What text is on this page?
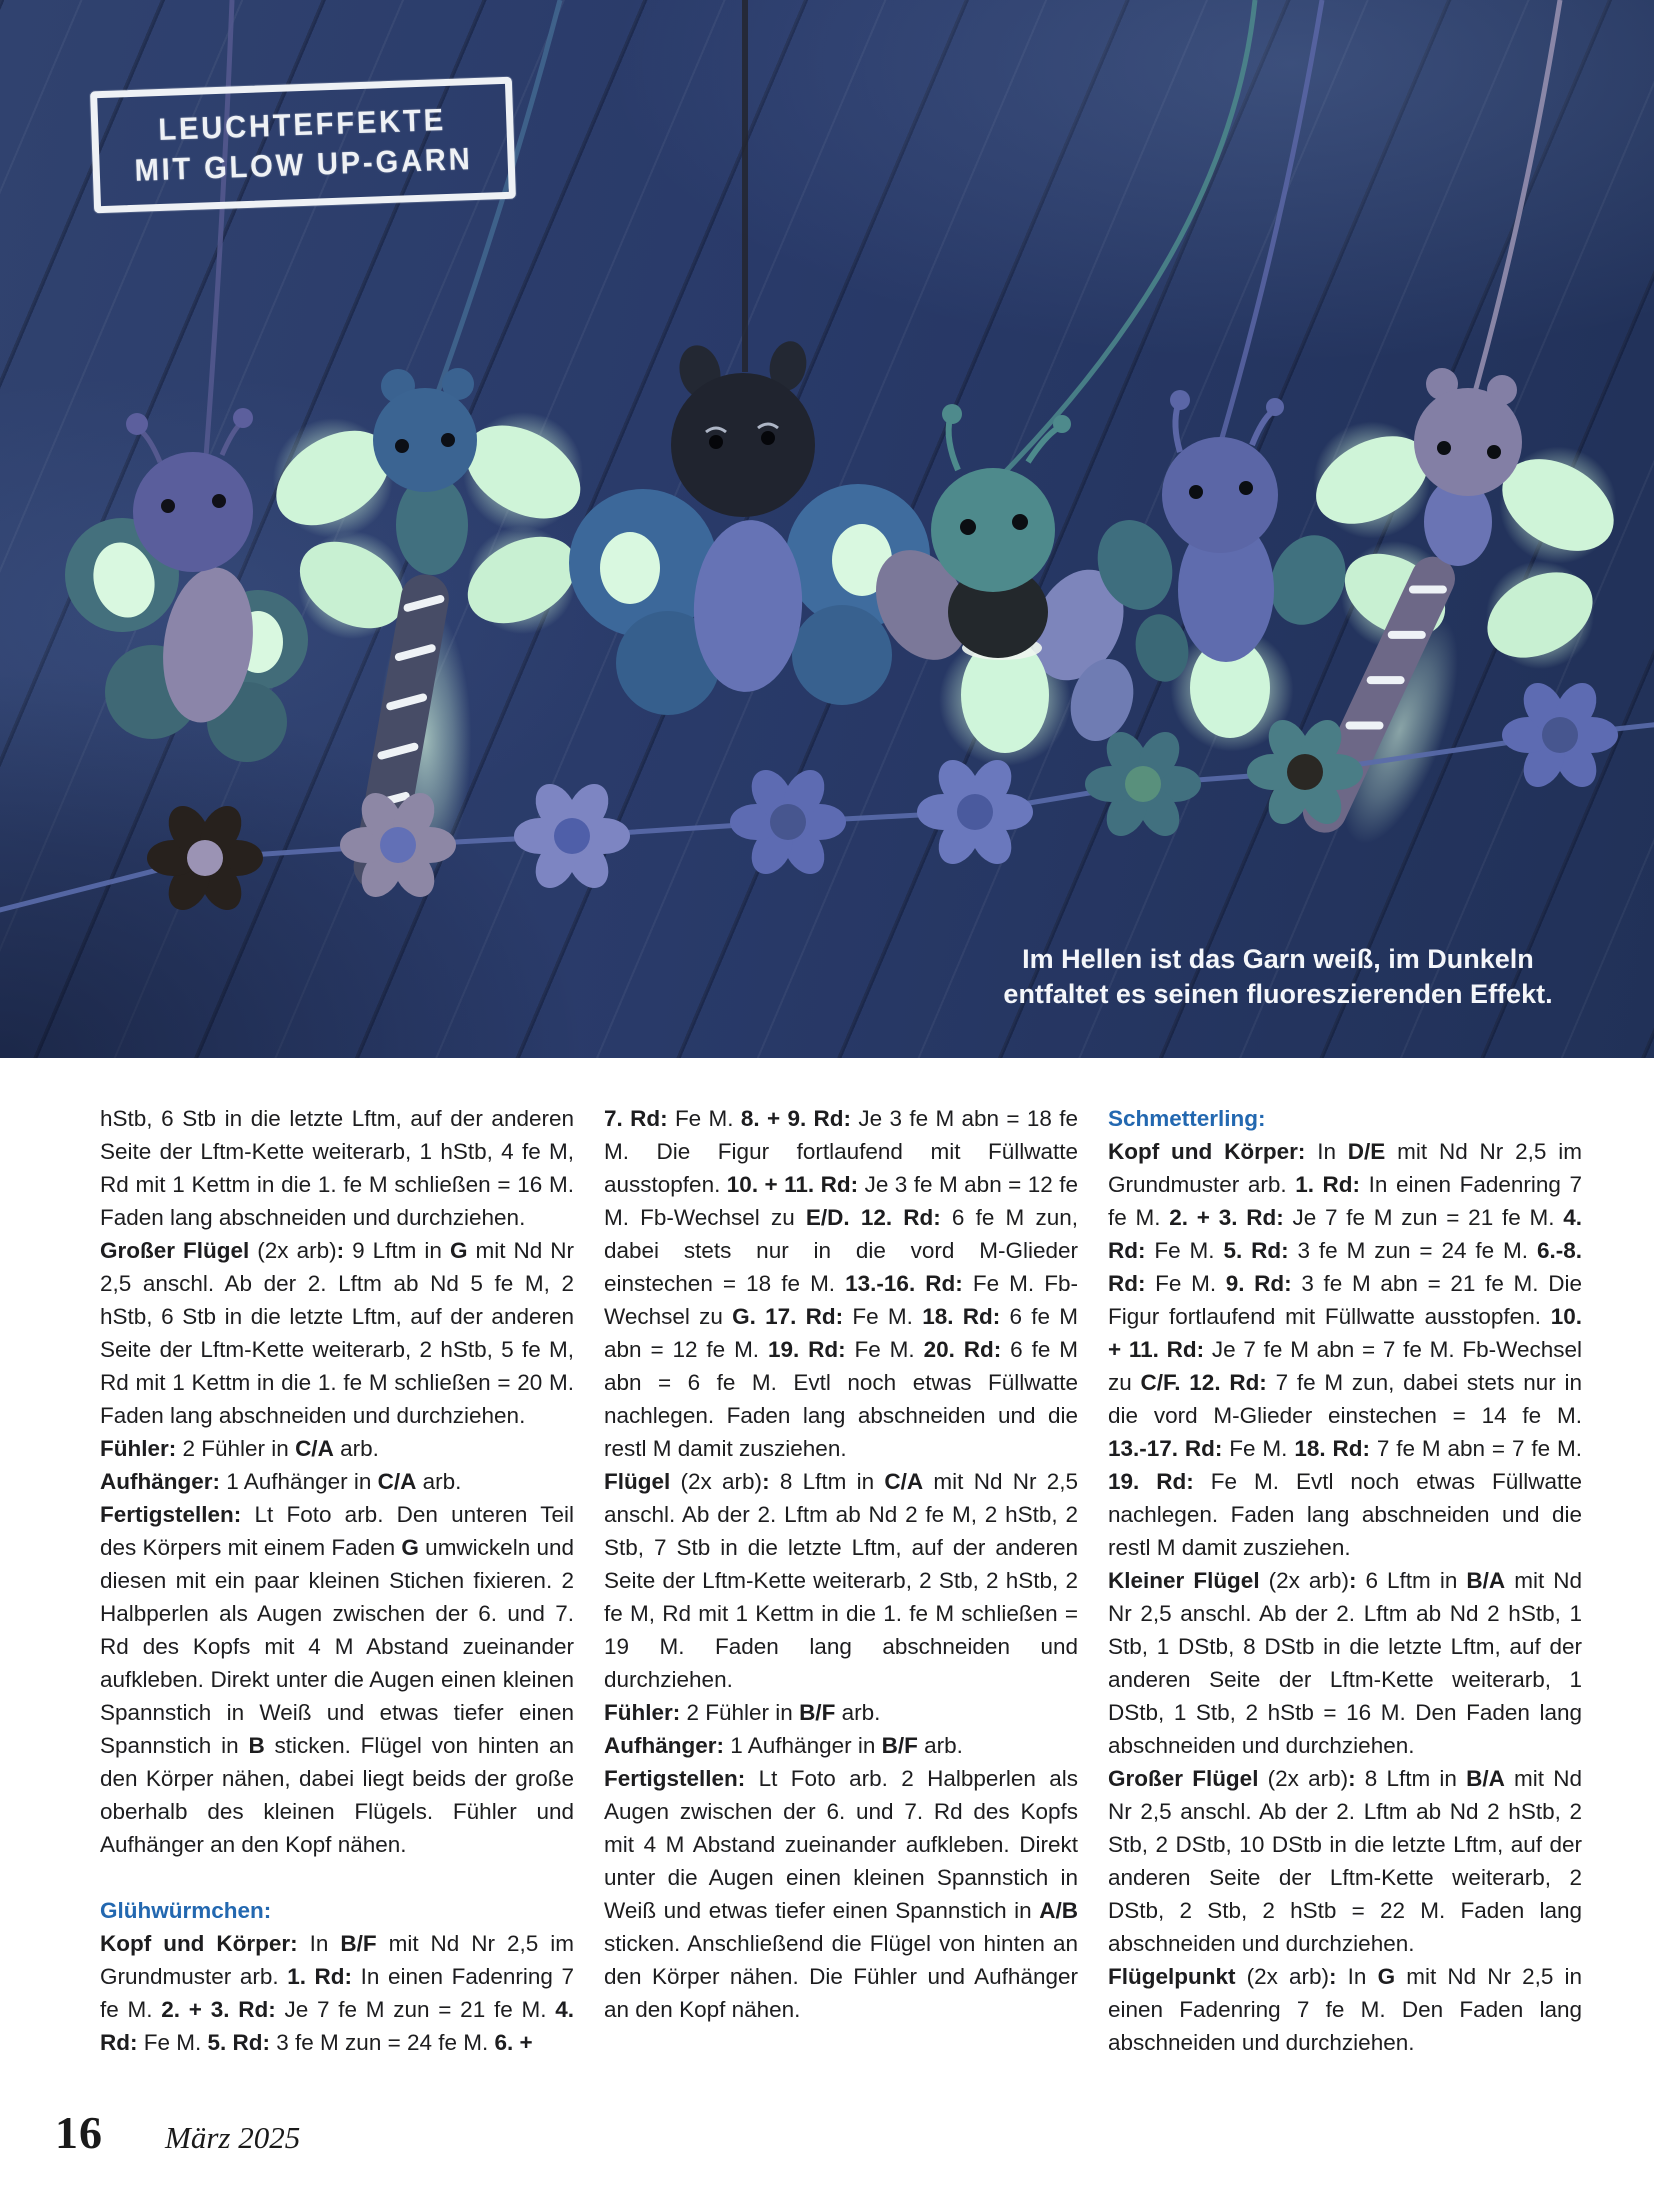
LEUCHTEFFEKTE
MIT GLOW UP-GARN
Im Hellen ist das Garn weiß, im Dunkeln
entfaltet es seinen fluoreszierenden Effekt.

hStb, 6 Stb in die letzte Lftm, auf der anderen Seite der Lftm-Kette weiterarb, 1 hStb, 4 fe M, Rd mit 1 Kettm in die 1. fe M schließen = 16 M. Faden lang abschneiden und durchziehen.

Großer Flügel (2x arb): 9 Lftm in G mit Nd Nr 2,5 anschl. Ab der 2. Lftm ab Nd 5 fe M, 2 hStb, 6 Stb in die letzte Lftm, auf der anderen Seite der Lftm-Kette weiterarb, 2 hStb, 5 fe M, Rd mit 1 Kettm in die 1. fe M schließen = 20 M. Faden lang abschneiden und durchziehen.

Fühler: 2 Fühler in C/A arb.

Aufhänger: 1 Aufhänger in C/A arb.

Fertigstellen: Lt Foto arb. Den unteren Teil des Körpers mit einem Faden G umwickeln und diesen mit ein paar kleinen Stichen fixieren. 2 Halbperlen als Augen zwischen der 6. und 7. Rd des Kopfs mit 4 M Abstand zueinander aufkleben. Direkt unter die Augen einen kleinen Spannstich in Weiß und etwas tiefer einen Spannstich in B sticken. Flügel von hinten an den Körper nähen, dabei liegt beids der große oberhalb des kleinen Flügels. Fühler und Aufhänger an den Kopf nähen.

Glühwürmchen:

Kopf und Körper: In B/F mit Nd Nr 2,5 im Grundmuster arb. 1. Rd: In einen Fadenring 7 fe M. 2. + 3. Rd: Je 7 fe M zun = 21 fe M. 4. Rd: Fe M. 5. Rd: 3 fe M zun = 24 fe M. 6. +

7. Rd: Fe M. 8. + 9. Rd: Je 3 fe M abn = 18 fe M. Die Figur fortlaufend mit Füllwatte ausstopfen. 10. + 11. Rd: Je 3 fe M abn = 12 fe M. Fb-Wechsel zu E/D. 12. Rd: 6 fe M zun, dabei stets nur in die vord M-Glieder einstechen = 18 fe M. 13.-16. Rd: Fe M. Fb-Wechsel zu G. 17. Rd: Fe M. 18. Rd: 6 fe M abn = 12 fe M. 19. Rd: Fe M. 20. Rd: 6 fe M abn = 6 fe M. Evtl noch etwas Füllwatte nachlegen. Faden lang abschneiden und die restl M damit zusziehen.

Flügel (2x arb): 8 Lftm in C/A mit Nd Nr 2,5 anschl. Ab der 2. Lftm ab Nd 2 fe M, 2 hStb, 2 Stb, 7 Stb in die letzte Lftm, auf der anderen Seite der Lftm-Kette weiterarb, 2 Stb, 2 hStb, 2 fe M, Rd mit 1 Kettm in die 1. fe M schließen = 19 M. Faden lang abschneiden und durchziehen.

Fühler: 2 Fühler in B/F arb.

Aufhänger: 1 Aufhänger in B/F arb.

Fertigstellen: Lt Foto arb. 2 Halbperlen als Augen zwischen der 6. und 7. Rd des Kopfs mit 4 M Abstand zueinander aufkleben. Direkt unter die Augen einen kleinen Spannstich in Weiß und etwas tiefer einen Spannstich in A/B sticken. Anschließend die Flügel von hinten an den Körper nähen. Die Fühler und Aufhänger an den Kopf nähen.

Schmetterling:

Kopf und Körper: In D/E mit Nd Nr 2,5 im Grundmuster arb. 1. Rd: In einen Fadenring 7 fe M. 2. + 3. Rd: Je 7 fe M zun = 21 fe M. 4. Rd: Fe M. 5. Rd: 3 fe M zun = 24 fe M. 6.-8. Rd: Fe M. 9. Rd: 3 fe M abn = 21 fe M. Die Figur fortlaufend mit Füllwatte ausstopfen. 10. + 11. Rd: Je 7 fe M abn = 7 fe M. Fb-Wechsel zu C/F. 12. Rd: 7 fe M zun, dabei stets nur in die vord M-Glieder einstechen = 14 fe M. 13.-17. Rd: Fe M. 18. Rd: 7 fe M abn = 7 fe M. 19. Rd: Fe M. Evtl noch etwas Füllwatte nachlegen. Faden lang abschneiden und die restl M damit zusziehen.

Kleiner Flügel (2x arb): 6 Lftm in B/A mit Nd Nr 2,5 anschl. Ab der 2. Lftm ab Nd 2 hStb, 1 Stb, 1 DStb, 8 DStb in die letzte Lftm, auf der anderen Seite der Lftm-Kette weiterarb, 1 DStb, 1 Stb, 2 hStb = 16 M. Den Faden lang abschneiden und durchziehen.

Großer Flügel (2x arb): 8 Lftm in B/A mit Nd Nr 2,5 anschl. Ab der 2. Lftm ab Nd 2 hStb, 2 Stb, 2 DStb, 10 DStb in die letzte Lftm, auf der anderen Seite der Lftm-Kette weiterarb, 2 DStb, 2 Stb, 2 hStb = 22 M. Faden lang abschneiden und durchziehen.

Flügelpunkt (2x arb): In G mit Nd Nr 2,5 in einen Fadenring 7 fe M. Den Faden lang abschneiden und durchziehen.

16 März 2025
